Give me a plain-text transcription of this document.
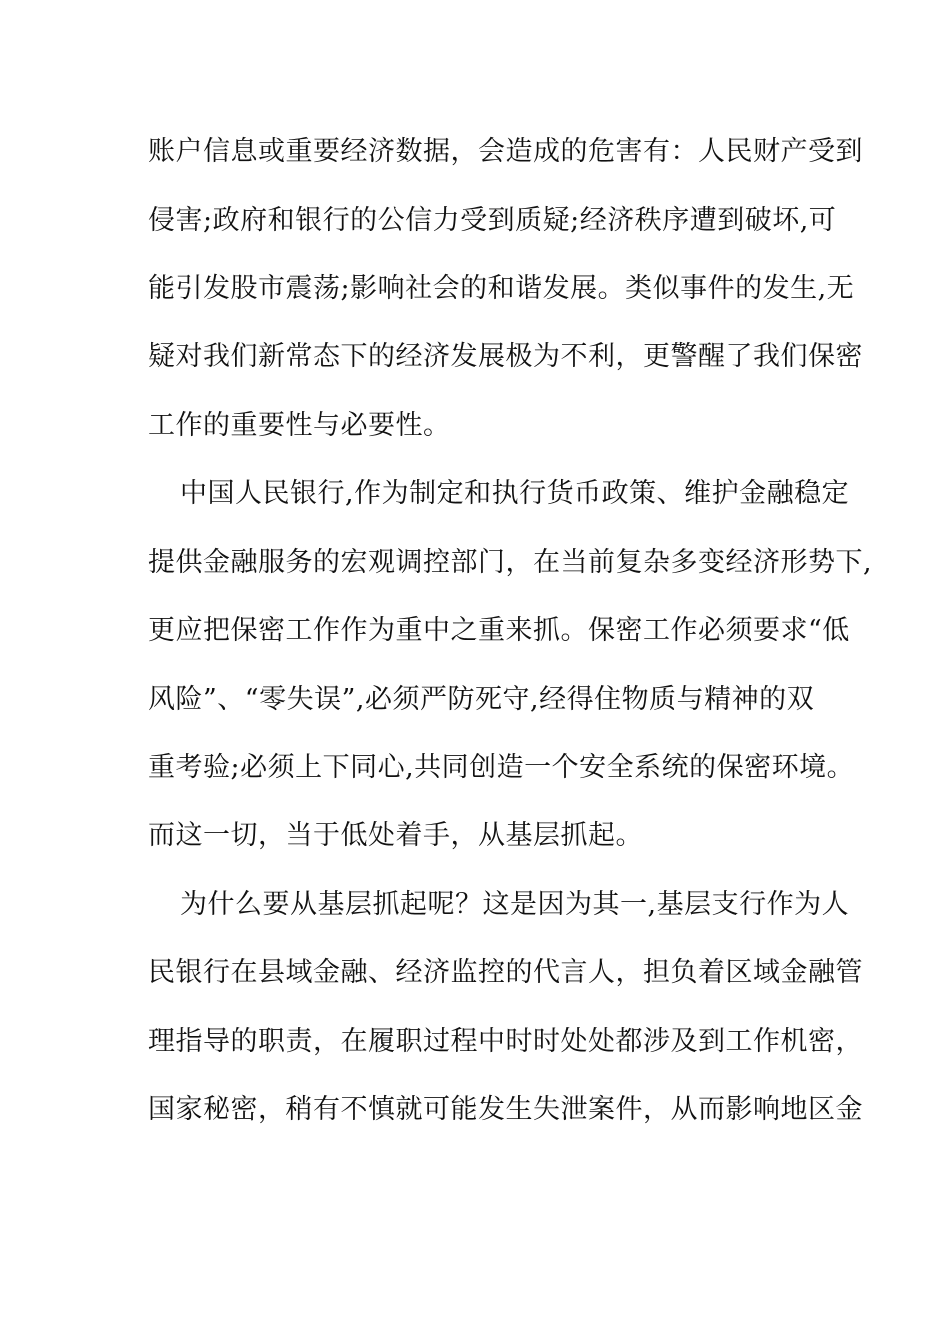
账户信息或重要经济数据，会造成的危害有：人民财产受到
侵害;政府和银行的公信力受到质疑;经济秩序遭到破坏,可
能引发股市震荡;影响社会的和谐发展。类似事件的发生,无
疑对我们新常态下的经济发展极为不利，更警醒了我们保密
工作的重要性与必要性。
中国人民银行,作为制定和执行货币政策、维护金融稳定
提供金融服务的宏观调控部门，在当前复杂多变经济形势下,
更应把保密工作作为重中之重来抓。保密工作必须要求“低
风险”、“零失误”,必须严防死守,经得住物质与精神的双
重考验;必须上下同心,共同创造一个安全系统的保密环境。
而这一切，当于低处着手，从基层抓起。
为什么要从基层抓起呢？这是因为其一,基层支行作为人
民银行在县域金融、经济监控的代言人，担负着区域金融管
理指导的职责，在履职过程中时时处处都涉及到工作机密，
国家秘密，稍有不慎就可能发生失泄案件，从而影响地区金
